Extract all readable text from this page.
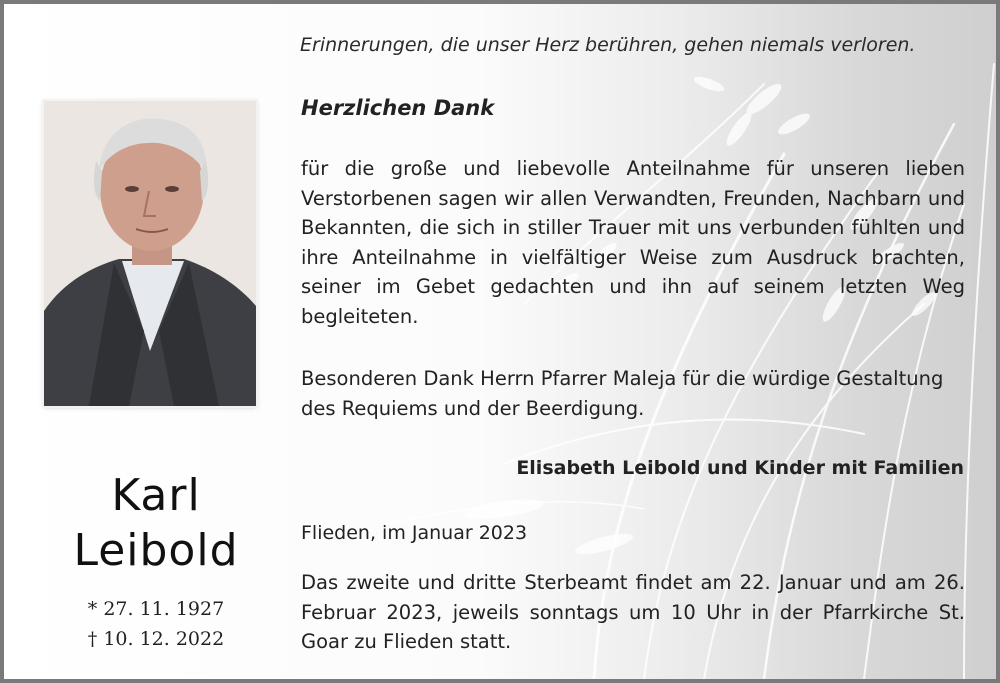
Karl
Leibold
* 27. 11. 1927
† 10. 12. 2022
Erinnerungen, die unser Herz berühren, gehen niemals verloren.
Herzlichen Dank
für die große und liebevolle Anteilnahme für unseren lieben Verstorbenen sagen wir allen Verwandten, Freunden, Nachbarn und Bekannten, die sich in stiller Trauer mit uns verbunden fühlten und ihre Anteilnahme in vielfältiger Weise zum Ausdruck brachten, seiner im Gebet gedachten und ihn auf seinem letzten Weg begleiteten.
Besonderen Dank Herrn Pfarrer Maleja für die würdige Gestaltung des Requiems und der Beerdigung.
Elisabeth Leibold und Kinder mit Familien
Flieden, im Januar 2023
Das zweite und dritte Sterbeamt findet am 22. Januar und am 26. Februar 2023, jeweils sonntags um 10 Uhr in der Pfarrkirche St. Goar zu Flieden statt.
